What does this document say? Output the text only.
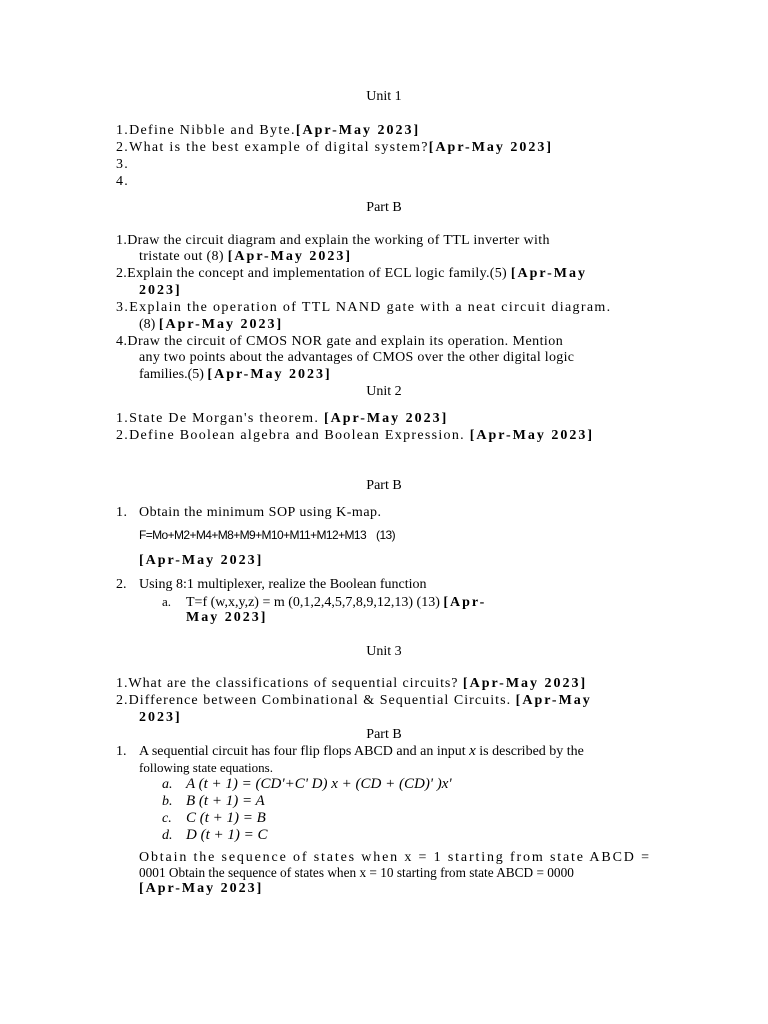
Unit 1
1.Define Nibble and Byte.[Apr-May 2023]
2.What is the best example of digital system?[Apr-May 2023]
3.
4.
Part B
1.Draw the circuit diagram and explain the working of TTL inverter with
tristate out (8) [Apr-May 2023]
2.Explain the concept and implementation of ECL logic family.(5) [Apr-May
2023]
3.Explain the operation of TTL NAND gate with a neat circuit diagram.
(8) [Apr-May 2023]
4.Draw the circuit of CMOS NOR gate and explain its operation. Mention
any two points about the advantages of CMOS over the other digital logic
families.(5) [Apr-May 2023]
Unit 2
1.State De Morgan's theorem. [Apr-May 2023]
2.Define Boolean algebra and Boolean Expression. [Apr-May 2023]
Part B
1. Obtain the minimum SOP using K-map.
F=Mo+M2+M4+M8+M9+M10+M11+M12+M13 (13)
[Apr-May 2023]
2. Using 8:1 multiplexer, realize the Boolean function
a. T=f (w,x,y,z) = m (0,1,2,4,5,7,8,9,12,13) (13) [Apr-
May 2023]
Unit 3
1.What are the classifications of sequential circuits? [Apr-May 2023]
2.Difference between Combinational & Sequential Circuits. [Apr-May
2023]
Part B
1. A sequential circuit has four flip flops ABCD and an input x is described by the
following state equations.
a. A (t + 1) = (CD'+C' D) x + (CD + (CD)' )x'
b. B (t + 1) = A
c. C (t + 1) = B
d. D (t + 1) = C
Obtain the sequence of states when x = 1 starting from state ABCD =
0001 Obtain the sequence of states when x = 10 starting from state ABCD = 0000
[Apr-May 2023]
